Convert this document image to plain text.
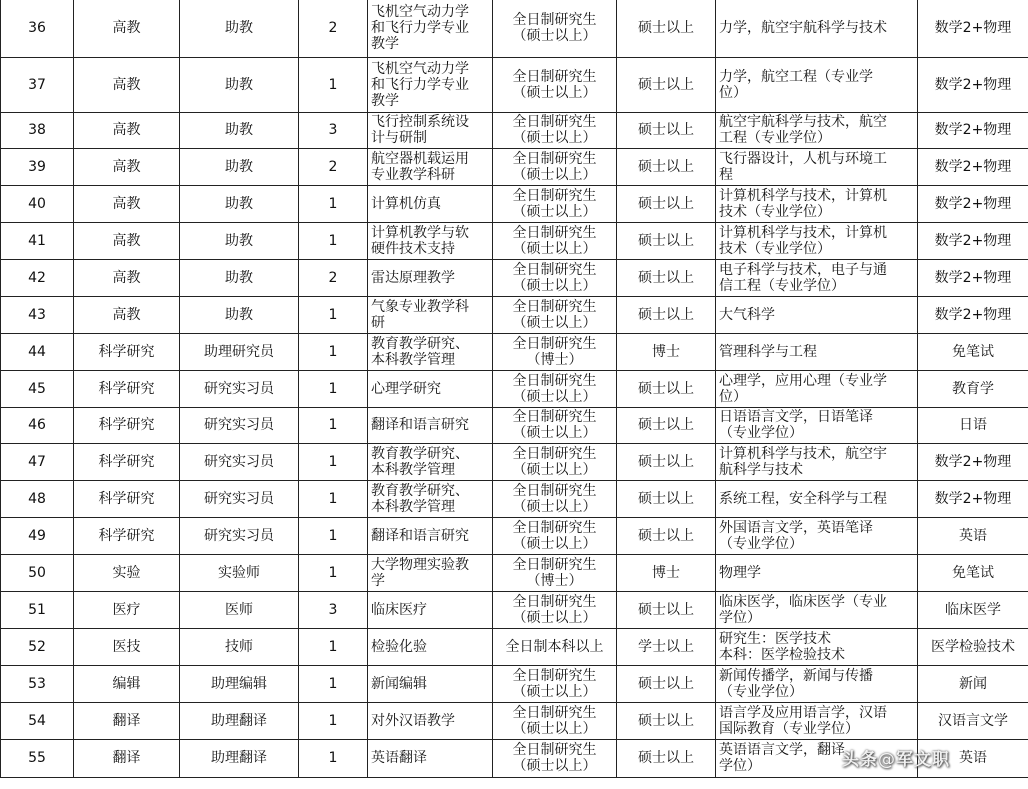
36	高教	助教	2	飞机空气动力学
和飞行力学专业
教学	全日制研究生
（硕士以上）	硕士以上	力学，航空宇航科学与技术	数学2+物理
37	高教	助教	1	飞机空气动力学
和飞行力学专业
教学	全日制研究生
（硕士以上）	硕士以上	力学，航空工程（专业学
位）	数学2+物理
38	高教	助教	3	飞行控制系统设
计与研制	全日制研究生
（硕士以上）	硕士以上	航空宇航科学与技术，航空
工程（专业学位）	数学2+物理
39	高教	助教	2	航空器机载运用
专业教学科研	全日制研究生
（硕士以上）	硕士以上	飞行器设计，人机与环境工
程	数学2+物理
40	高教	助教	1	计算机仿真	全日制研究生
（硕士以上）	硕士以上	计算机科学与技术，计算机
技术（专业学位）	数学2+物理
41	高教	助教	1	计算机教学与软
硬件技术支持	全日制研究生
（硕士以上）	硕士以上	计算机科学与技术，计算机
技术（专业学位）	数学2+物理
42	高教	助教	2	雷达原理教学	全日制研究生
（硕士以上）	硕士以上	电子科学与技术，电子与通
信工程（专业学位）	数学2+物理
43	高教	助教	1	气象专业教学科
研	全日制研究生
（硕士以上）	硕士以上	大气科学	数学2+物理
44	科学研究	助理研究员	1	教育教学研究、
本科教学管理	全日制研究生
（博士）	博士	管理科学与工程	免笔试
45	科学研究	研究实习员	1	心理学研究	全日制研究生
（硕士以上）	硕士以上	心理学，应用心理（专业学
位）	教育学
46	科学研究	研究实习员	1	翻译和语言研究	全日制研究生
（硕士以上）	硕士以上	日语语言文学，日语笔译
（专业学位）	日语
47	科学研究	研究实习员	1	教育教学研究、
本科教学管理	全日制研究生
（硕士以上）	硕士以上	计算机科学与技术，航空宇
航科学与技术	数学2+物理
48	科学研究	研究实习员	1	教育教学研究、
本科教学管理	全日制研究生
（硕士以上）	硕士以上	系统工程，安全科学与工程	数学2+物理
49	科学研究	研究实习员	1	翻译和语言研究	全日制研究生
（硕士以上）	硕士以上	外国语言文学，英语笔译
（专业学位）	英语
50	实验	实验师	1	大学物理实验教
学	全日制研究生
（博士）	博士	物理学	免笔试
51	医疗	医师	3	临床医疗	全日制研究生
（硕士以上）	硕士以上	临床医学，临床医学（专业
学位）	临床医学
52	医技	技师	1	检验化验	全日制本科以上	学士以上	研究生：医学技术
本科：医学检验技术	医学检验技术
53	编辑	助理编辑	1	新闻编辑	全日制研究生
（硕士以上）	硕士以上	新闻传播学，新闻与传播
（专业学位）	新闻
54	翻译	助理翻译	1	对外汉语教学	全日制研究生
（硕士以上）	硕士以上	语言学及应用语言学，汉语
国际教育（专业学位）	汉语言文学
55	翻译	助理翻译	1	英语翻译	全日制研究生
（硕士以上）	硕士以上	英语语言文学，翻译
学位）	英语
头条@军文职
